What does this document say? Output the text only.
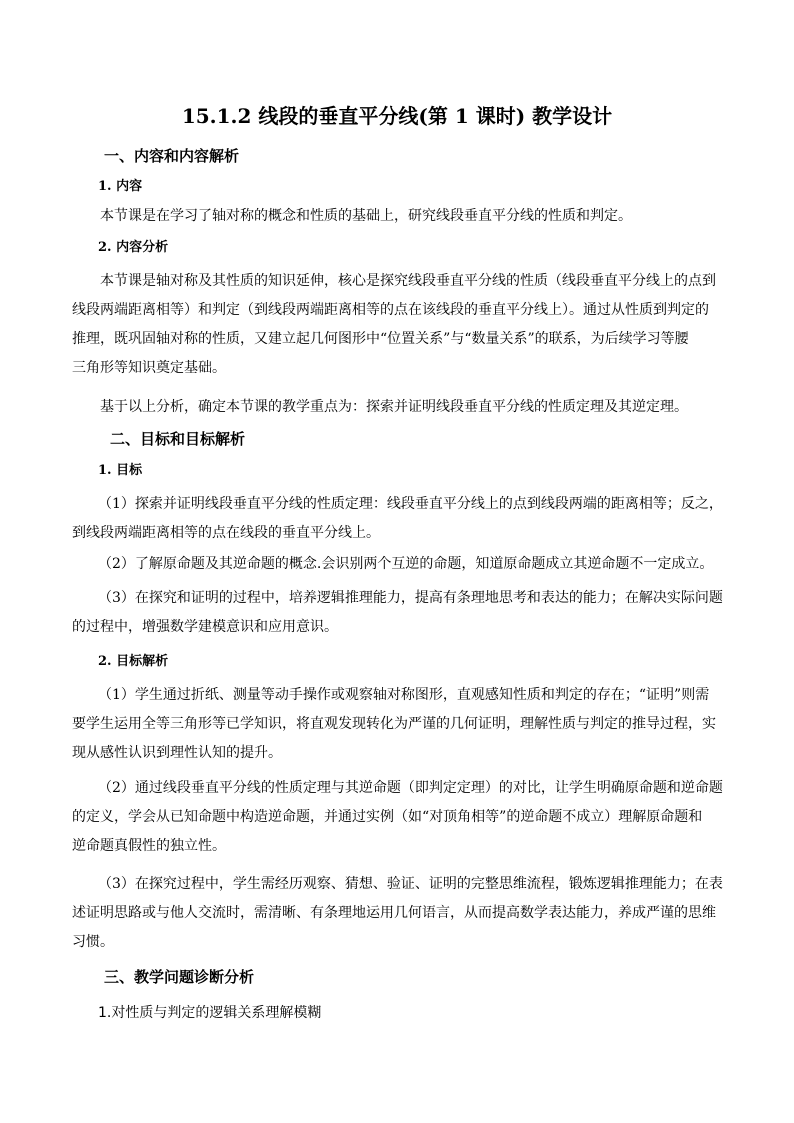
15.1.2 线段的垂直平分线(第 1 课时) 教学设计
一、内容和内容解析
1. 内容
本节课是在学习了轴对称的概念和性质的基础上，研究线段垂直平分线的性质和判定。
2. 内容分析
本节课是轴对称及其性质的知识延伸，核心是探究线段垂直平分线的性质（线段垂直平分线上的点到
线段两端距离相等）和判定（到线段两端距离相等的点在该线段的垂直平分线上）。通过从性质到判定的
推理，既巩固轴对称的性质，又建立起几何图形中“位置关系”与“数量关系”的联系，为后续学习等腰
三角形等知识奠定基础。
基于以上分析，确定本节课的教学重点为：探索并证明线段垂直平分线的性质定理及其逆定理。
二、目标和目标解析
1. 目标
（1）探索并证明线段垂直平分线的性质定理：线段垂直平分线上的点到线段两端的距离相等；反之，
到线段两端距离相等的点在线段的垂直平分线上。
（2）了解原命题及其逆命题的概念.会识别两个互逆的命题，知道原命题成立其逆命题不一定成立。
（3）在探究和证明的过程中，培养逻辑推理能力，提高有条理地思考和表达的能力；在解决实际问题
的过程中，增强数学建模意识和应用意识。
2. 目标解析
（1）学生通过折纸、测量等动手操作或观察轴对称图形，直观感知性质和判定的存在；“证明”则需
要学生运用全等三角形等已学知识，将直观发现转化为严谨的几何证明，理解性质与判定的推导过程，实
现从感性认识到理性认知的提升。
（2）通过线段垂直平分线的性质定理与其逆命题（即判定定理）的对比，让学生明确原命题和逆命题
的定义，学会从已知命题中构造逆命题，并通过实例（如“对顶角相等”的逆命题不成立）理解原命题和
逆命题真假性的独立性。
（3）在探究过程中，学生需经历观察、猜想、验证、证明的完整思维流程，锻炼逻辑推理能力；在表
述证明思路或与他人交流时，需清晰、有条理地运用几何语言，从而提高数学表达能力，养成严谨的思维
习惯。
三、教学问题诊断分析
1.对性质与判定的逻辑关系理解模糊
